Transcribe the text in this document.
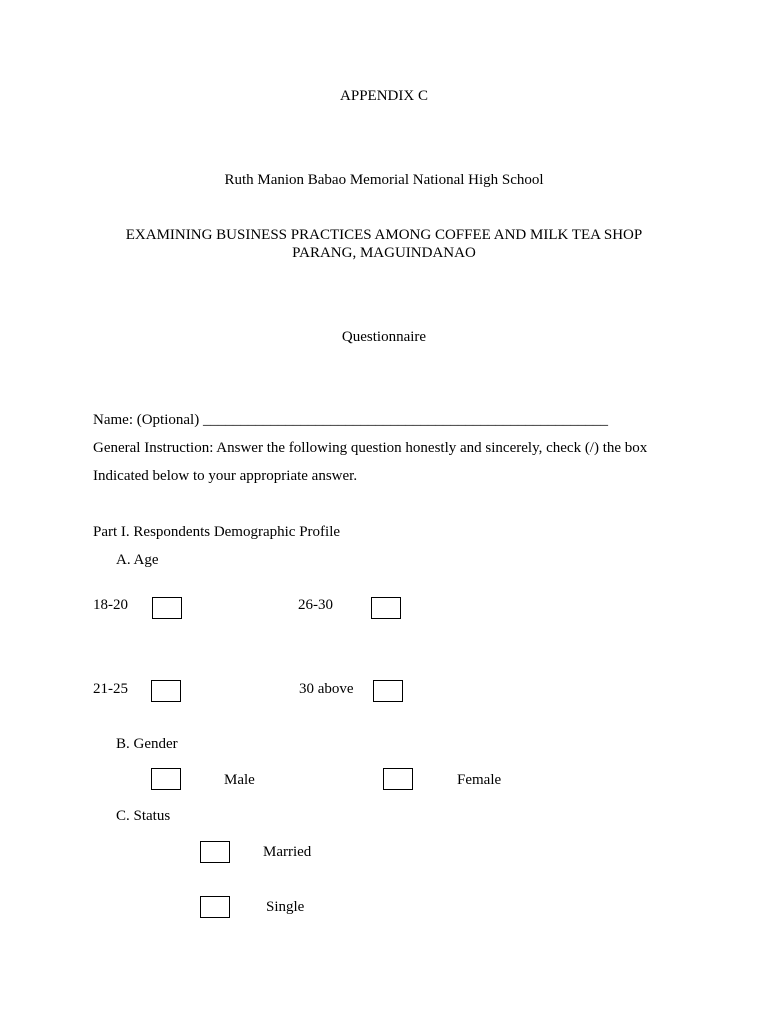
APPENDIX C
Ruth Manion Babao Memorial National High School
EXAMINING BUSINESS PRACTICES AMONG COFFEE AND MILK TEA SHOP
PARANG, MAGUINDANAO
Questionnaire
Name: (Optional) ______________________________________________________
General Instruction: Answer the following question honestly and sincerely, check (/) the box
Indicated below to your appropriate answer.
Part I. Respondents Demographic Profile
A. Age
18-20	26-30
21-25	30 above
B. Gender
Male	Female
C. Status
Married
Single
